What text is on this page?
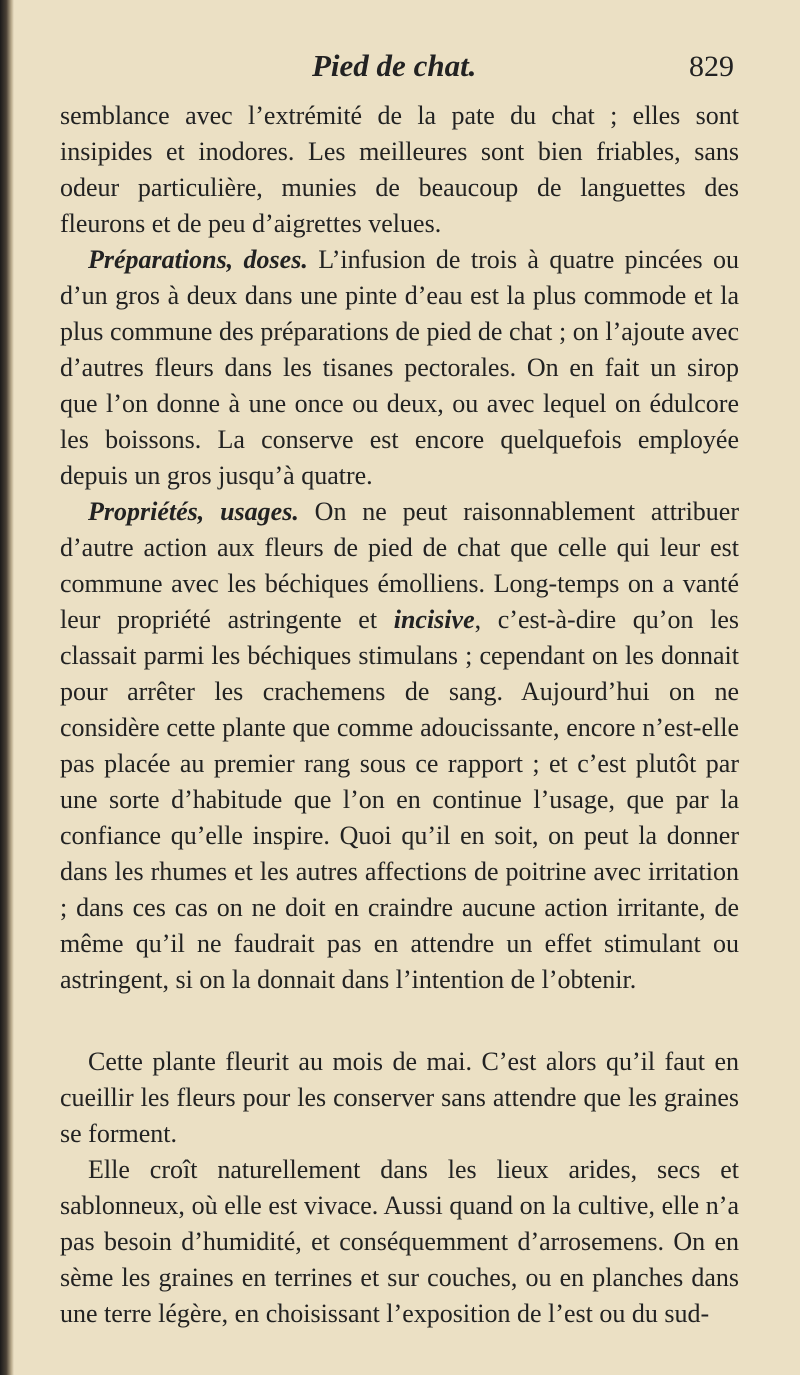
Pied de chat.	829

semblance avec l’extrémité de la pate du chat ; elles sont insipides et inodores. Les meilleures sont bien friables, sans odeur particulière, munies de beaucoup de languettes des fleurons et de peu d’aigrettes velues.

Préparations, doses. L’infusion de trois à quatre pincées ou d’un gros à deux dans une pinte d’eau est la plus commode et la plus commune des préparations de pied de chat ; on l’ajoute avec d’autres fleurs dans les tisanes pectorales. On en fait un sirop que l’on donne à une once ou deux, ou avec lequel on édulcore les boissons. La conserve est encore quelquefois employée depuis un gros jusqu’à quatre.

Propriétés, usages. On ne peut raisonnablement attribuer d’autre action aux fleurs de pied de chat que celle qui leur est commune avec les béchiques émolliens. Long-temps on a vanté leur propriété astringente et incisive, c’est-à-dire qu’on les classait parmi les béchiques stimulans ; cependant on les donnait pour arrêter les crachemens de sang. Aujourd’hui on ne considère cette plante que comme adoucissante, encore n’est-elle pas placée au premier rang sous ce rapport ; et c’est plutôt par une sorte d’habitude que l’on en continue l’usage, que par la confiance qu’elle inspire. Quoi qu’il en soit, on peut la donner dans les rhumes et les autres affections de poitrine avec irritation ; dans ces cas on ne doit en craindre aucune action irritante, de même qu’il ne faudrait pas en attendre un effet stimulant ou astringent, si on la donnait dans l’intention de l’obtenir.

Cette plante fleurit au mois de mai. C’est alors qu’il faut en cueillir les fleurs pour les conserver sans attendre que les graines se forment.

Elle croît naturellement dans les lieux arides, secs et sablonneux, où elle est vivace. Aussi quand on la cultive, elle n’a pas besoin d’humidité, et conséquemment d’arrosemens. On en sème les graines en terrines et sur couches, ou en planches dans une terre légère, en choisissant l’exposition de l’est ou du sud-
